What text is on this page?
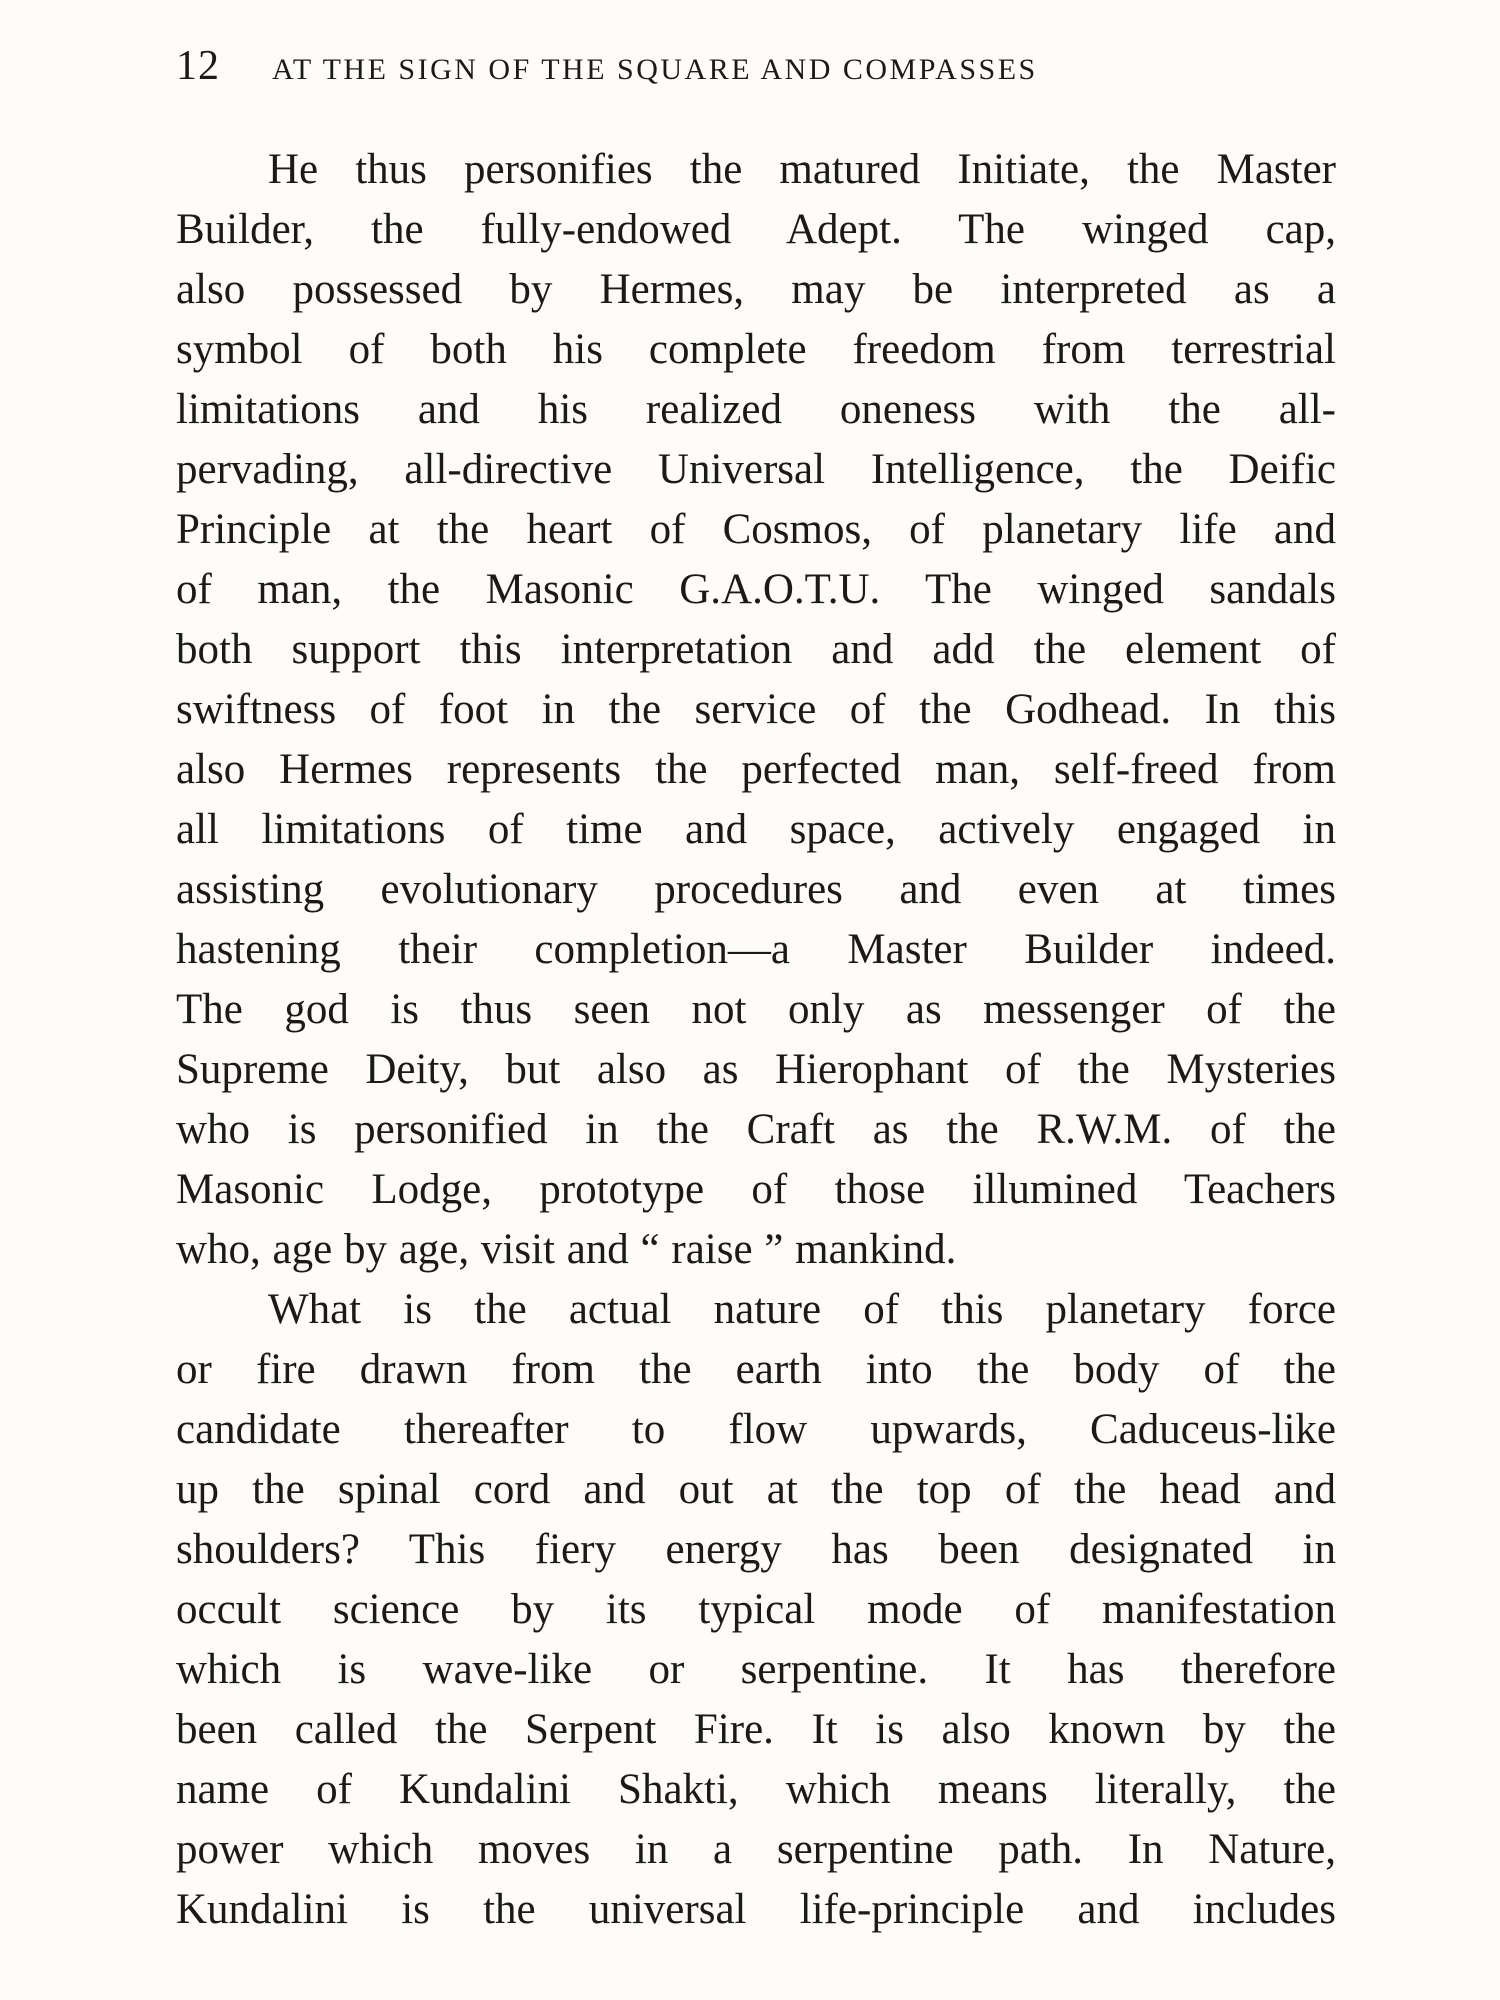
12 AT THE SIGN OF THE SQUARE AND COMPASSES
He thus personifies the matured Initiate, the Master
Builder, the fully-endowed Adept. The winged cap,
also possessed by Hermes, may be interpreted as a
symbol of both his complete freedom from terrestrial
limitations and his realized oneness with the all-
pervading, all-directive Universal Intelligence, the Deific
Principle at the heart of Cosmos, of planetary life and
of man, the Masonic G.A.O.T.U. The winged sandals
both support this interpretation and add the element of
swiftness of foot in the service of the Godhead. In this
also Hermes represents the perfected man, self-freed from
all limitations of time and space, actively engaged in
assisting evolutionary procedures and even at times
hastening their completion—a Master Builder indeed.
The god is thus seen not only as messenger of the
Supreme Deity, but also as Hierophant of the Mysteries
who is personified in the Craft as the R.W.M. of the
Masonic Lodge, prototype of those illumined Teachers
who, age by age, visit and “ raise ” mankind.
What is the actual nature of this planetary force
or fire drawn from the earth into the body of the
candidate thereafter to flow upwards, Caduceus-like
up the spinal cord and out at the top of the head and
shoulders? This fiery energy has been designated in
occult science by its typical mode of manifestation
which is wave-like or serpentine. It has therefore
been called the Serpent Fire. It is also known by the
name of Kundalini Shakti, which means literally, the
power which moves in a serpentine path. In Nature,
Kundalini is the universal life-principle and includes
